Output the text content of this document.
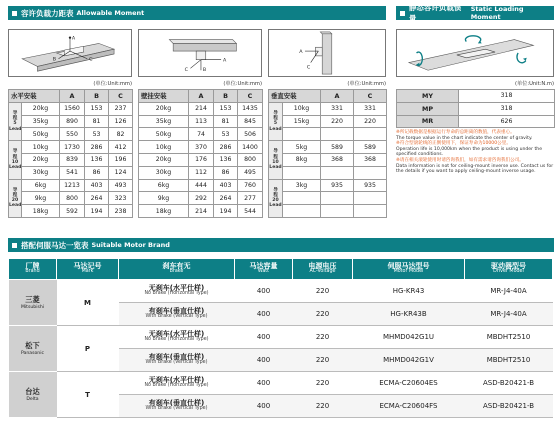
容许负载力距表 Allowable Moment
静态容许负载惯量
Static Loading Moment
A
B	C	A
B
C
A
C
(单位:Unit:mm)	(单位:Unit:mm)	(单位:Unit:mm)	(单位:Unit:N.m)
水平安装		A	B	C

导
程
5
Lead	20kg	1560	153	237
	35kg	890	81	126
	50kg	550	53	82

导
程
10
Lead	10kg	1730	286	412
	20kg	839	136	196
	30kg	541	86	124

导
程
20
Lead	6kg	1213	403	493
	9kg	800	264	323
	18kg	592	194	238
壁挂安装	A	B	C
20kg	214	153	1435
35kg	113	81	845
50kg	74	53	506
10kg	370	286	1400
20kg	176	136	800
30kg	112	86	495
6kg	444	403	760
9kg	292	264	277
18kg	214	194	544
垂直安装		A	C

导
程
5
Lead	10kg	331	331
	15kg	220	220

导
程
10
Lead	5kg	589	589
	8kg	368	368

导
程
20
Lead	3kg	935	935

MY	318
MP	318
MR	626
※所记载数据是根据运行寿命的总距离的数值，代表重心。
The torque value in the chart indicate the center of gravity.
※符合型滚轮线的正倒使用下，保证寿命为10000公里。
Operation life is 10,000km when the product is using under the specified conditions.
※请在相关滚轮使用时请咨询我们，如有需求请咨询我们公司。
Data information is not for ceiling-mount inverse use. Contact us for the details if you want to apply ceiling-mount inverse usage.
搭配伺服马达一览表 Suitable Motor Brand
厂牌
Brand	马达记号
Mark	刹车有无
Brake	马达容量
Watt	电源电压
AC-Voltage	伺服马达型号
Motor Model	驱动器型号
Driver Model

三菱
Mitsubishi	M	无刹车(水平仕样)
No Brake (Horizontal Type)	400	220	HG-KR43	MR-J4-40A

		有刹车(垂直仕样)
With Brake (Vertical Type)	400	220	HG-KR43B	MR-J4-40A

松下
Panasonic	P	无刹车(水平仕样)
No Brake (Horizontal Type)	400	220	MHMD042G1U	MBDHT2510

		有刹车(垂直仕样)
With Brake (Vertical Type)	400	220	MHMD042G1V	MBDHT2510

台达
Delta	T	无刹车(水平仕样)
No Brake (Horizontal Type)	400	220	ECMA-C20604ES	ASD-B20421-B

		有刹车(垂直仕样)
With Brake (Vertical Type)	400	220	ECMA-C20604FS	ASD-B20421-B
